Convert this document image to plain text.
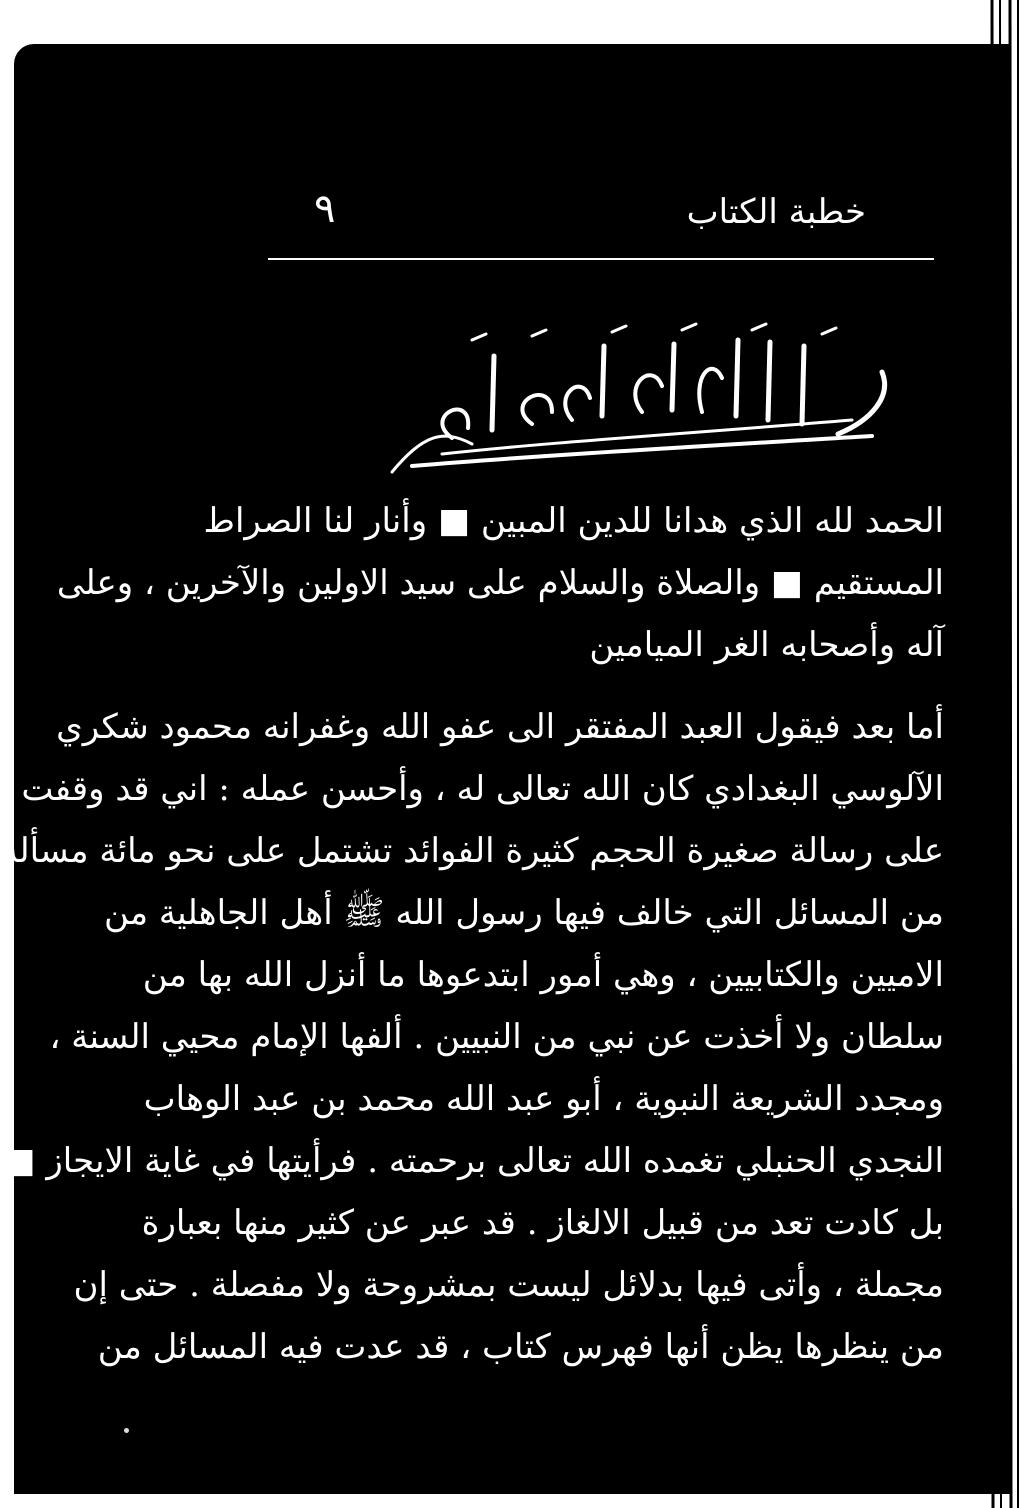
خطبة الكتاب
٩
الحمد لله الذي هدانا للدين المبين ■ وأنار لنا الصراط
المستقيم ■ والصلاة والسلام على سيد الاولين والآخرين ، وعلى
آله وأصحابه الغر الميامين
أما بعد فيقول العبد المفتقر الى عفو الله وغفرانه محمود شكري
الآلوسي البغدادي كان الله تعالى له ، وأحسن عمله : اني قد وقفت
على رسالة صغيرة الحجم كثيرة الفوائد تشتمل على نحو مائة مسألة
من المسائل التي خالف فيها رسول الله ﷺ أهل الجاهلية من
الاميين والكتابيين ، وهي أمور ابتدعوها ما أنزل الله بها من
سلطان ولا أخذت عن نبي من النبيين . ألفها الإمام محيي السنة ،
ومجدد الشريعة النبوية ، أبو عبد الله محمد بن عبد الوهاب
النجدي الحنبلي تغمده الله تعالى برحمته . فرأيتها في غاية الايجاز ■
بل كادت تعد من قبيل الالغاز . قد عبر عن كثير منها بعبارة
مجملة ، وأتى فيها بدلائل ليست بمشروحة ولا مفصلة . حتى إن
من ينظرها يظن أنها فهرس كتاب ، قد عدت فيه المسائل من
